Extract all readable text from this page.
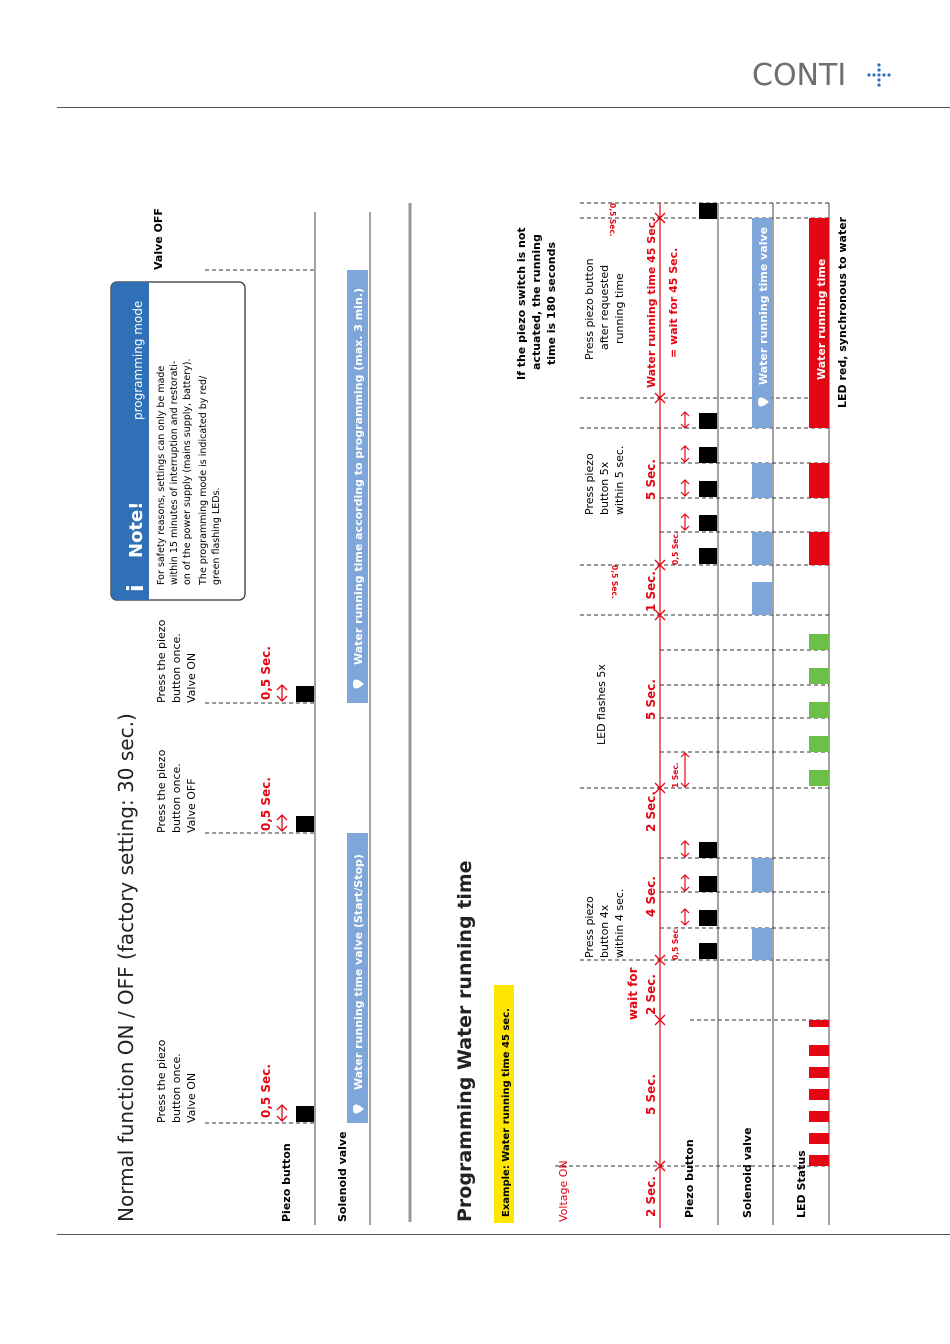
CONTI
Normal function ON / OFF (factory setting: 30 sec.)	Piezo button	Solenoid valve
Press the piezo button once. Valve ON	0,5 Sec.
Press the piezo button once. Valve OFF	0,5 Sec.
Press the piezo button once. Valve ON	0,5 Sec.
Valve OFF
Water running time valve (Start/Stop)
Water running time according to programming (max. 3 min.)
i
Note!
programming mode
For safety reasons, settings can only be made within 15 minutes of interruption and restorati- on of the power supply (mains supply, battery). The programming mode is indicated by red/ green flashing LEDs.
Programming Water running time	Example: Water running time 45 sec.	Voltage ON	Piezo button	Solenoid valve	LED Status
2 Sec.
5 Sec.
wait for 2 Sec.
0,5 Sec.
4 Sec.
2 Sec.
1 Sec.
5 Sec.
1 Sec.
0,5 Sec.
0,5 Sec.
5 Sec.
Water running time 45 Sec. = wait for 45 Sec.
0,5 Sec.
Press piezo button 4x within 4 sec.
LED flashes 5x
Press piezo button 5x within 5 sec.
Press piezo button after requested running time
If the piezo switch is not actuated, the running time is 180 seconds	Water running time valve	Water running time LED red, synchronous to water
